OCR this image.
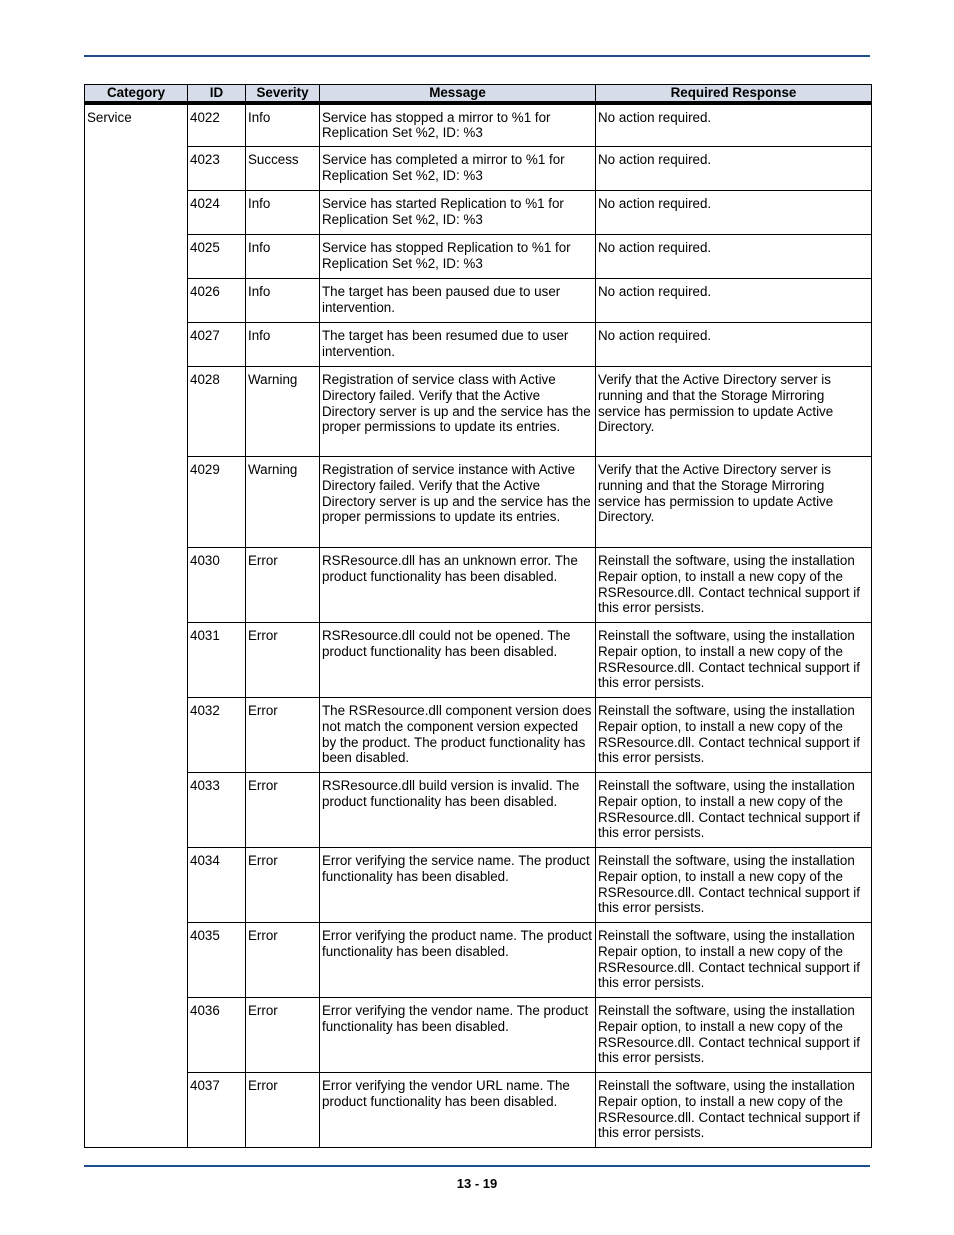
Category	ID	Severity	Message	Required Response
Service	4022	Info	Service has stopped a mirror to %1 for Replication Set %2, ID: %3	No action required.
	4023	Success	Service has completed a mirror to %1 for Replication Set %2, ID: %3	No action required.
	4024	Info	Service has started Replication to %1 for Replication Set %2, ID: %3	No action required.
	4025	Info	Service has stopped Replication to %1 for Replication Set %2, ID: %3	No action required.
	4026	Info	The target has been paused due to user intervention.	No action required.
	4027	Info	The target has been resumed due to user intervention.	No action required.
	4028	Warning	Registration of service class with Active Directory failed. Verify that the Active Directory server is up and the service has the proper permissions to update its entries.	Verify that the Active Directory server is running and that the Storage Mirroring service has permission to update Active Directory.
	4029	Warning	Registration of service instance with Active Directory failed. Verify that the Active Directory server is up and the service has the proper permissions to update its entries.	Verify that the Active Directory server is running and that the Storage Mirroring service has permission to update Active Directory.
	4030	Error	RSResource.dll has an unknown error. The product functionality has been disabled.	Reinstall the software, using the installation Repair option, to install a new copy of the RSResource.dll. Contact technical support if this error persists.
	4031	Error	RSResource.dll could not be opened. The product functionality has been disabled.	Reinstall the software, using the installation Repair option, to install a new copy of the RSResource.dll. Contact technical support if this error persists.
	4032	Error	The RSResource.dll component version does not match the component version expected by the product. The product functionality has been disabled.	Reinstall the software, using the installation Repair option, to install a new copy of the RSResource.dll. Contact technical support if this error persists.
	4033	Error	RSResource.dll build version is invalid. The product functionality has been disabled.	Reinstall the software, using the installation Repair option, to install a new copy of the RSResource.dll. Contact technical support if this error persists.
	4034	Error	Error verifying the service name. The product functionality has been disabled.	Reinstall the software, using the installation Repair option, to install a new copy of the RSResource.dll. Contact technical support if this error persists.
	4035	Error	Error verifying the product name. The product functionality has been disabled.	Reinstall the software, using the installation Repair option, to install a new copy of the RSResource.dll. Contact technical support if this error persists.
	4036	Error	Error verifying the vendor name. The product functionality has been disabled.	Reinstall the software, using the installation Repair option, to install a new copy of the RSResource.dll. Contact technical support if this error persists.
	4037	Error	Error verifying the vendor URL name. The product functionality has been disabled.	Reinstall the software, using the installation Repair option, to install a new copy of the RSResource.dll. Contact technical support if this error persists.
13 - 19
